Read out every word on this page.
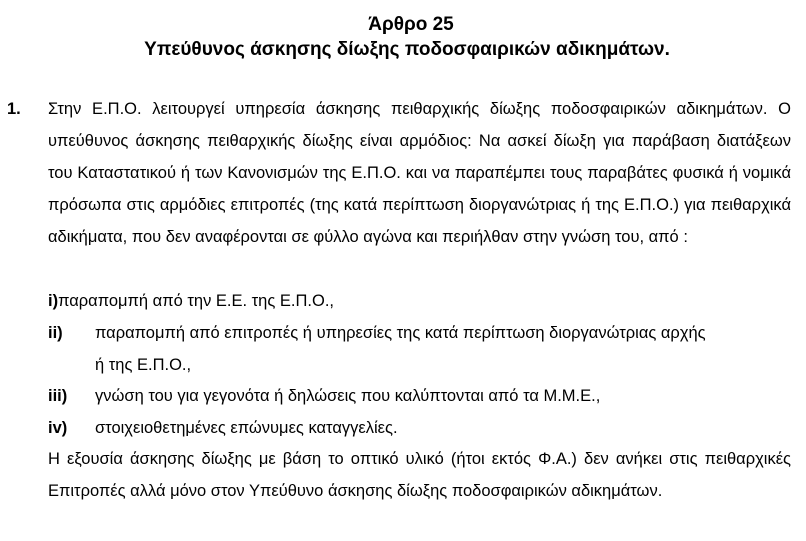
Άρθρο 25
Υπεύθυνος άσκησης δίωξης ποδοσφαιρικών αδικημάτων.
1. Στην Ε.Π.Ο. λειτουργεί υπηρεσία άσκησης πειθαρχικής δίωξης ποδοσφαιρικών αδικημάτων. Ο υπεύθυνος άσκησης πειθαρχικής δίωξης είναι αρμόδιος: Να ασκεί δίωξη για παράβαση διατάξεων του Καταστατικού ή των Κανονισμών της Ε.Π.Ο. και να παραπέμπει τους παραβάτες φυσικά ή νομικά πρόσωπα στις αρμόδιες επιτροπές (της κατά περίπτωση διοργανώτριας ή της Ε.Π.Ο.) για πειθαρχικά αδικήματα, που δεν αναφέρονται σε φύλλο αγώνα και περιήλθαν στην γνώση του, από :

i)παραπομπή από την Ε.Ε. της Ε.Π.Ο.,
ii) παραπομπή από επιτροπές ή υπηρεσίες της κατά περίπτωση διοργανώτριας αρχής
ή της Ε.Π.Ο.,
iii) γνώση του για γεγονότα ή δηλώσεις που καλύπτονται από τα Μ.Μ.Ε.,
iv) στοιχειοθετημένες επώνυμες καταγγελίες.

Η εξουσία άσκησης δίωξης με βάση το οπτικό υλικό (ήτοι εκτός Φ.Α.) δεν ανήκει στις πειθαρχικές Επιτροπές αλλά μόνο στον Υπεύθυνο άσκησης δίωξης ποδοσφαιρικών αδικημάτων.
